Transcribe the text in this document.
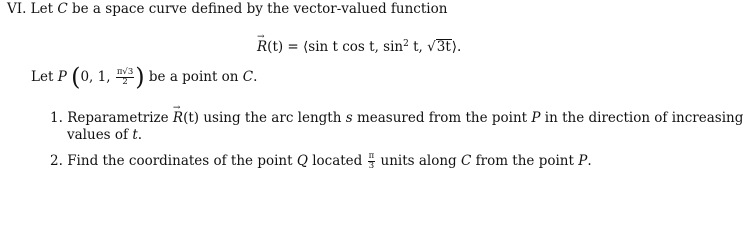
VI. Let C be a space curve defined by the vector-valued function
→ R(t) = ⟨sin t cos t, $\sin^2 t$, √3t⟩.
Let P (0, 1, $\frac{\pi√3}{2}$ ) be a point on C.
1. Reparametrize → R(t) using the arc length s measured from the point P in the direction of increasing
values of t.
2. Find the coordinates of the point Q located $\frac{\pi}{3}$ units along C from the point P.
